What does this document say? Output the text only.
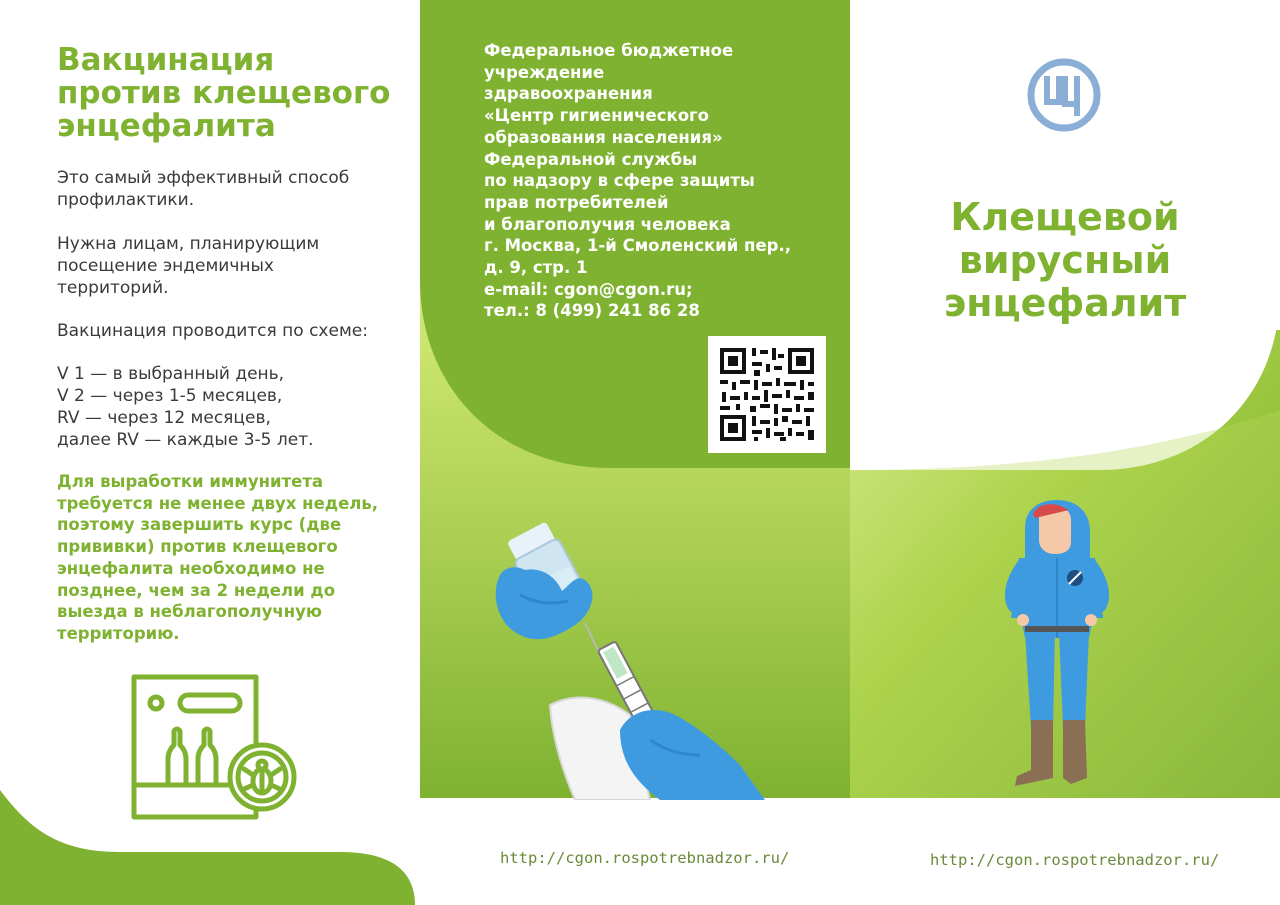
Вакцинация
против клещевого
энцефалита

Это самый эффективный способ
профилактики.

Нужна лицам, планирующим
посещение эндемичных
территорий.

Вакцинация проводится по схеме:

V 1 — в выбранный день,
V 2 — через 1-5 месяцев,
RV — через 12 месяцев,
далее RV — каждые 3-5 лет.

Для выработки иммунитета
требуется не менее двух недель,
поэтому завершить курс (две
прививки) против клещевого
энцефалита необходимо не
позднее, чем за 2 недели до
выезда в неблагополучную
территорию.

Федеральное бюджетное
учреждение
здравоохранения
«Центр гигиенического
образования населения»
Федеральной службы
по надзору в сфере защиты
прав потребителей
и благополучия человека
г. Москва, 1-й Смоленский пер.,
д. 9, стр. 1
e-mail: cgon@cgon.ru;
тел.: 8 (499) 241 86 28

http://cgon.rospotrebnadzor.ru/

Клещевой
вирусный
энцефалит

http://cgon.rospotrebnadzor.ru/
